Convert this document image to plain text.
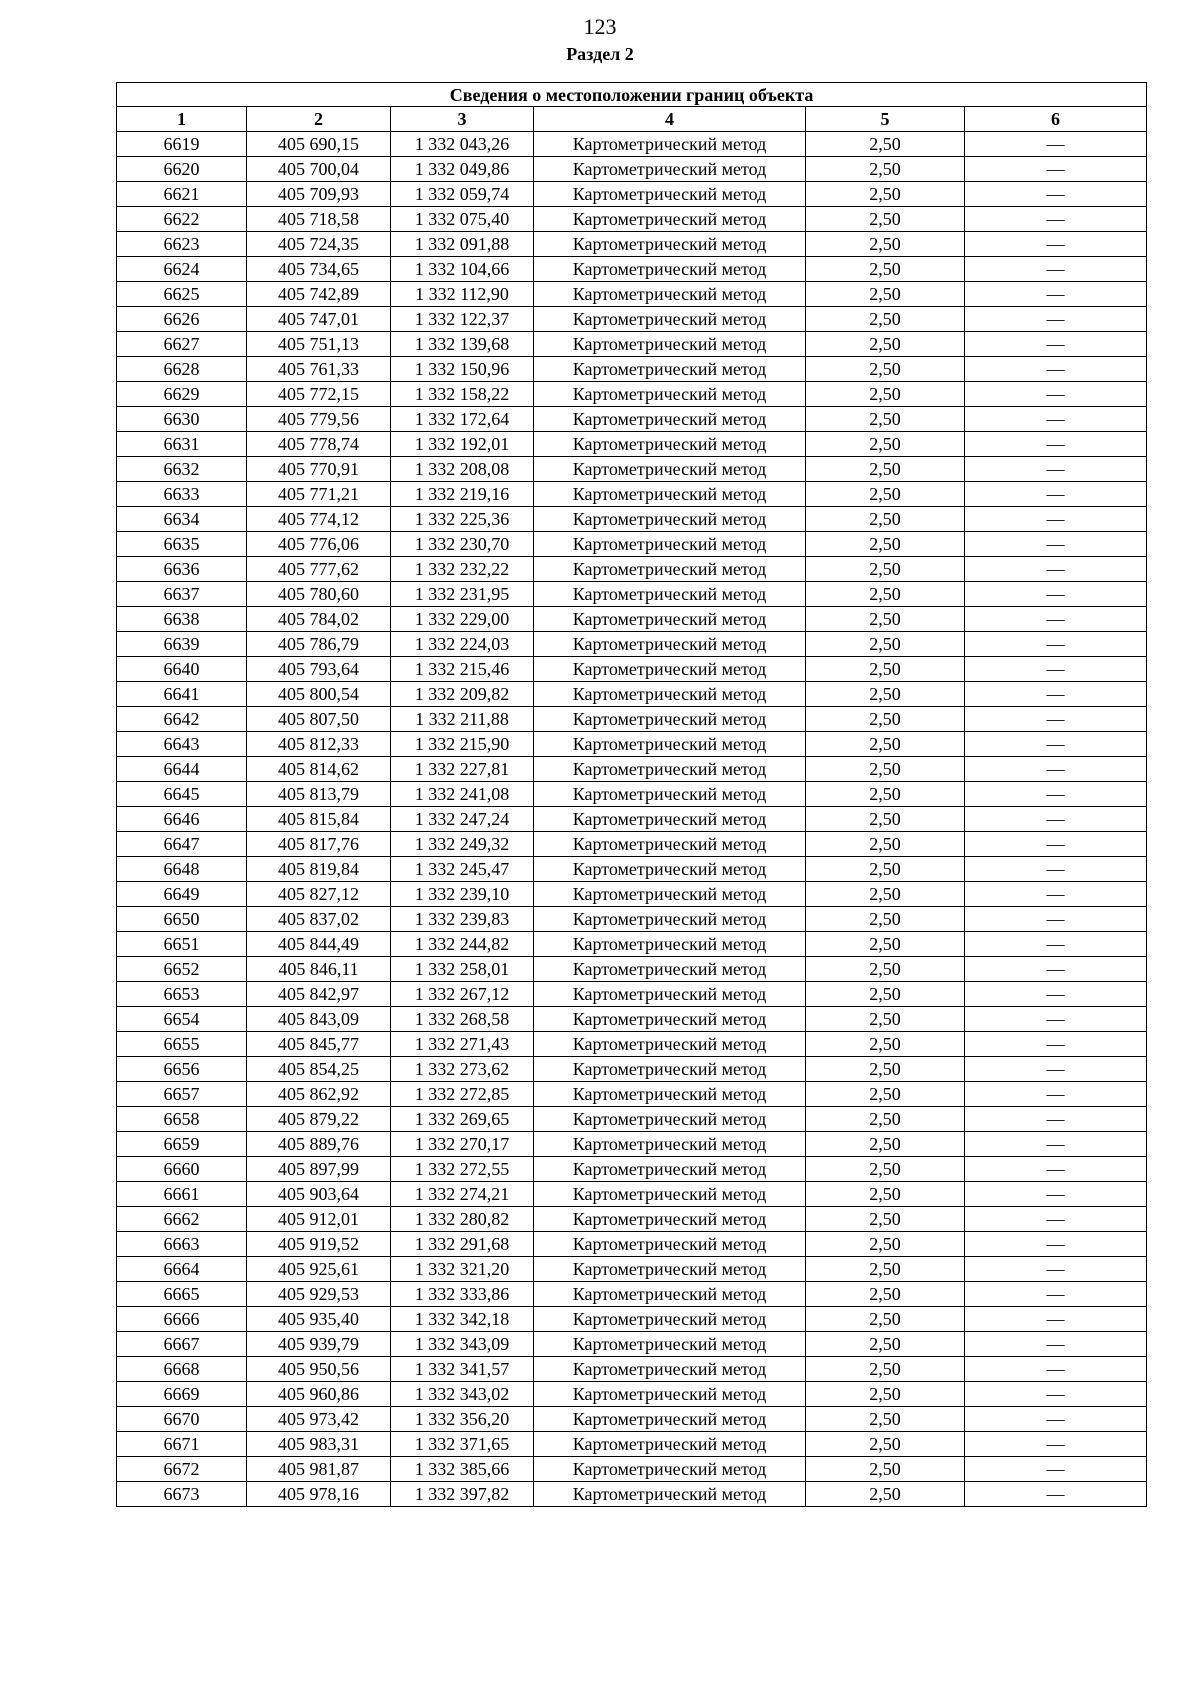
123
Раздел 2
Сведения о местоположении границ объекта					
1	2	3	4	5	6
6619	405 690,15	1 332 043,26	Картометрический метод	2,50	—
6620	405 700,04	1 332 049,86	Картометрический метод	2,50	—
6621	405 709,93	1 332 059,74	Картометрический метод	2,50	—
6622	405 718,58	1 332 075,40	Картометрический метод	2,50	—
6623	405 724,35	1 332 091,88	Картометрический метод	2,50	—
6624	405 734,65	1 332 104,66	Картометрический метод	2,50	—
6625	405 742,89	1 332 112,90	Картометрический метод	2,50	—
6626	405 747,01	1 332 122,37	Картометрический метод	2,50	—
6627	405 751,13	1 332 139,68	Картометрический метод	2,50	—
6628	405 761,33	1 332 150,96	Картометрический метод	2,50	—
6629	405 772,15	1 332 158,22	Картометрический метод	2,50	—
6630	405 779,56	1 332 172,64	Картометрический метод	2,50	—
6631	405 778,74	1 332 192,01	Картометрический метод	2,50	—
6632	405 770,91	1 332 208,08	Картометрический метод	2,50	—
6633	405 771,21	1 332 219,16	Картометрический метод	2,50	—
6634	405 774,12	1 332 225,36	Картометрический метод	2,50	—
6635	405 776,06	1 332 230,70	Картометрический метод	2,50	—
6636	405 777,62	1 332 232,22	Картометрический метод	2,50	—
6637	405 780,60	1 332 231,95	Картометрический метод	2,50	—
6638	405 784,02	1 332 229,00	Картометрический метод	2,50	—
6639	405 786,79	1 332 224,03	Картометрический метод	2,50	—
6640	405 793,64	1 332 215,46	Картометрический метод	2,50	—
6641	405 800,54	1 332 209,82	Картометрический метод	2,50	—
6642	405 807,50	1 332 211,88	Картометрический метод	2,50	—
6643	405 812,33	1 332 215,90	Картометрический метод	2,50	—
6644	405 814,62	1 332 227,81	Картометрический метод	2,50	—
6645	405 813,79	1 332 241,08	Картометрический метод	2,50	—
6646	405 815,84	1 332 247,24	Картометрический метод	2,50	—
6647	405 817,76	1 332 249,32	Картометрический метод	2,50	—
6648	405 819,84	1 332 245,47	Картометрический метод	2,50	—
6649	405 827,12	1 332 239,10	Картометрический метод	2,50	—
6650	405 837,02	1 332 239,83	Картометрический метод	2,50	—
6651	405 844,49	1 332 244,82	Картометрический метод	2,50	—
6652	405 846,11	1 332 258,01	Картометрический метод	2,50	—
6653	405 842,97	1 332 267,12	Картометрический метод	2,50	—
6654	405 843,09	1 332 268,58	Картометрический метод	2,50	—
6655	405 845,77	1 332 271,43	Картометрический метод	2,50	—
6656	405 854,25	1 332 273,62	Картометрический метод	2,50	—
6657	405 862,92	1 332 272,85	Картометрический метод	2,50	—
6658	405 879,22	1 332 269,65	Картометрический метод	2,50	—
6659	405 889,76	1 332 270,17	Картометрический метод	2,50	—
6660	405 897,99	1 332 272,55	Картометрический метод	2,50	—
6661	405 903,64	1 332 274,21	Картометрический метод	2,50	—
6662	405 912,01	1 332 280,82	Картометрический метод	2,50	—
6663	405 919,52	1 332 291,68	Картометрический метод	2,50	—
6664	405 925,61	1 332 321,20	Картометрический метод	2,50	—
6665	405 929,53	1 332 333,86	Картометрический метод	2,50	—
6666	405 935,40	1 332 342,18	Картометрический метод	2,50	—
6667	405 939,79	1 332 343,09	Картометрический метод	2,50	—
6668	405 950,56	1 332 341,57	Картометрический метод	2,50	—
6669	405 960,86	1 332 343,02	Картометрический метод	2,50	—
6670	405 973,42	1 332 356,20	Картометрический метод	2,50	—
6671	405 983,31	1 332 371,65	Картометрический метод	2,50	—
6672	405 981,87	1 332 385,66	Картометрический метод	2,50	—
6673	405 978,16	1 332 397,82	Картометрический метод	2,50	—
